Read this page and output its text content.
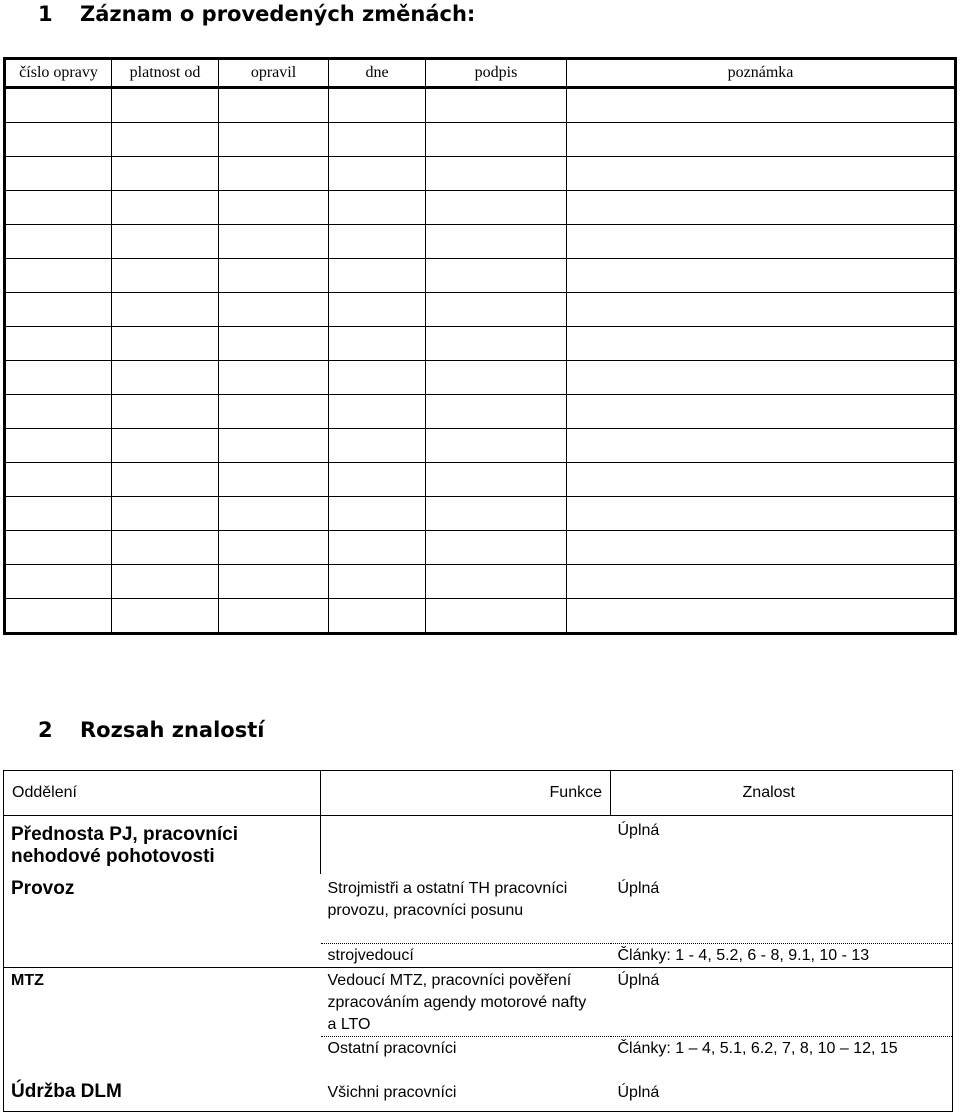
1 Záznam o provedených změnách:
číslo opravy	platnost od	opravil	dne	podpis	poznámka

2 Rozsah znalostí
Oddělení	Funkce	Znalost
Přednosta PJ, pracovníci nehodové pohotovosti		Úplná
Provoz	Strojmistři a ostatní TH pracovníci provozu, pracovníci posunu	Úplná
	strojvedoucí	Články: 1 - 4, 5.2, 6 - 8, 9.1, 10 - 13
MTZ	Vedoucí MTZ, pracovníci pověření zpracováním agendy motorové nafty a LTO	Úplná
	Ostatní pracovníci	Články: 1 – 4, 5.1, 6.2, 7, 8, 10 – 12, 15
Údržba DLM	Všichni pracovníci	Úplná
